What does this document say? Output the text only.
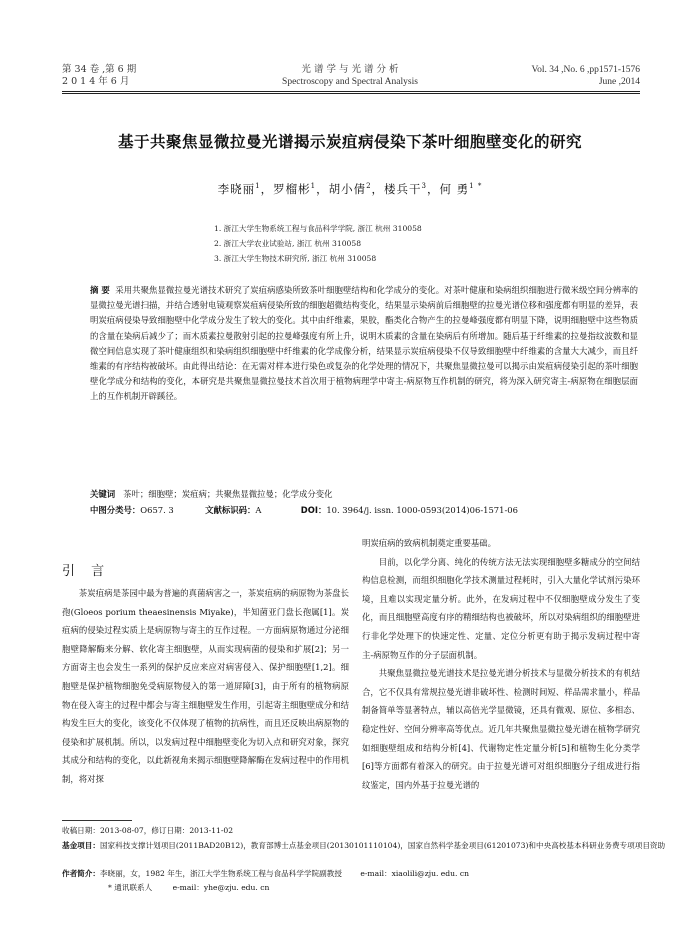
第 34 卷 ,第 6 期
2 0 1 4 年 6 月
光 谱 学 与 光 谱 分 析
Spectroscopy and Spectral Analysis
Vol. 34 ,No. 6 ,pp1571-1576
June ,2014
基于共聚焦显微拉曼光谱揭示炭疽病侵染下茶叶细胞壁变化的研究
李晓丽$^1$，罗榴彬$^1$，胡小倩$^2$，楼兵干$^3$，何 勇$^{1 *}$
1. 浙江大学生物系统工程与食品科学学院, 浙江 杭州 310058
2. 浙江大学农业试验站, 浙江 杭州 310058
3. 浙江大学生物技术研究所, 浙江 杭州 310058
摘 要 采用共聚焦显微拉曼光谱技术研究了炭疽病感染所致茶叶细胞壁结构和化学成分的变化。对茶叶健康和染病组织细胞进行微米级空间分辨率的显微拉曼光谱扫描，并结合透射电镜观察炭疽病侵染所致的细胞超微结构变化，结果显示染病前后细胞壁的拉曼光谱位移和强度都有明显的差异，表明炭疽病侵染导致细胞壁中化学成分发生了较大的变化。其中由纤维素，果胶，酯类化合物产生的拉曼峰强度都有明显下降，说明细胞壁中这些物质的含量在染病后减少了；而木质素拉曼散射引起的拉曼峰强度有所上升，说明木质素的含量在染病后有所增加。随后基于纤维素的拉曼指纹波数和显微空间信息实现了茶叶健康组织和染病组织细胞壁中纤维素的化学成像分析，结果显示炭疽病侵染不仅导致细胞壁中纤维素的含量大大减少，而且纤维素的有序结构被破坏。由此得出结论：在无需对样本进行染色或复杂的化学处理的情况下，共聚焦显微拉曼可以揭示由炭疽病侵染引起的茶叶细胞壁化学成分和结构的变化，本研究是共聚焦显微拉曼技术首次用于植物病理学中寄主-病原物互作机制的研究，将为深入研究寄主-病原物在细胞层面上的互作机制开辟蹊径。
关键词 茶叶；细胞壁；炭疽病；共聚焦显微拉曼；化学成分变化
中图分类号：O657. 3	文献标识码：A	DOI：10. 3964/j. issn. 1000-0593(2014)06-1571-06
引 言

茶炭疽病是茶园中最为普遍的真菌病害之一，茶炭疽病的病原物为茶盘长孢(Gloeos porium theaesinensis Miyake)，半知菌亚门盘长孢属[1]。炭疽病的侵染过程实质上是病原物与寄主的互作过程。一方面病原物通过分泌细胞壁降解酶来分解、软化寄主细胞壁，从而实现病菌的侵染和扩展[2]；另一方面寄主也会发生一系列的保护反应来应对病害侵入、保护细胞壁[1,2]。细胞壁是保护植物细胞免受病原物侵入的第一道屏障[3]，由于所有的植物病原物在侵入寄主的过程中都会与寄主细胞壁发生作用，引起寄主细胞壁成分和结构发生巨大的变化，该变化不仅体现了植物的抗病性，而且还反映出病原物的侵染和扩展机制。所以，以发病过程中细胞壁变化为切入点和研究对象，探究其成分和结构的变化，以此新视角来揭示细胞壁降解酶在发病过程中的作用机制，将对探

明炭疽病的致病机制奠定重要基础。

目前，以化学分离、纯化的传统方法无法实现细胞壁多糖成分的空间结构信息检测，而组织细胞化学技术测量过程耗时，引入大量化学试剂污染环境，且难以实现定量分析。此外，在发病过程中不仅细胞壁成分发生了变化，而且细胞壁高度有序的精细结构也被破坏，所以对染病组织的细胞壁进行非化学处理下的快速定性、定量、定位分析更有助于揭示发病过程中寄主-病原物互作的分子层面机制。

共聚焦显微拉曼光谱技术是拉曼光谱分析技术与显微分析技术的有机结合，它不仅具有常规拉曼光谱非破坏性、检测时间短、样品需求量小，样品制备简单等显著特点，辅以高倍光学显微镜，还具有微观、原位、多相态、稳定性好、空间分辨率高等优点。近几年共聚焦显微拉曼光谱在植物学研究如细胞壁组成和结构分析[4]、代谢物定性定量分析[5]和植物生化分类学[6]等方面都有着深入的研究。由于拉曼光谱可对组织细胞分子组成进行指纹鉴定，国内外基于拉曼光谱的

收稿日期：2013-08-07，修订日期：2013-11-02
基金项目：国家科技支撑计划项目(2011BAD20B12)，教育部博士点基金项目(20130101110104)，国家自然科学基金项目(61201073)和中央高校基本科研业务费专项项目资助
作者简介：李晓丽，女，1982 年生，浙江大学生物系统工程与食品科学学院副教授 e-mail：xiaolili@zju. edu. cn
* 通讯联系人	e-mail：yhe@zju. edu. cn
